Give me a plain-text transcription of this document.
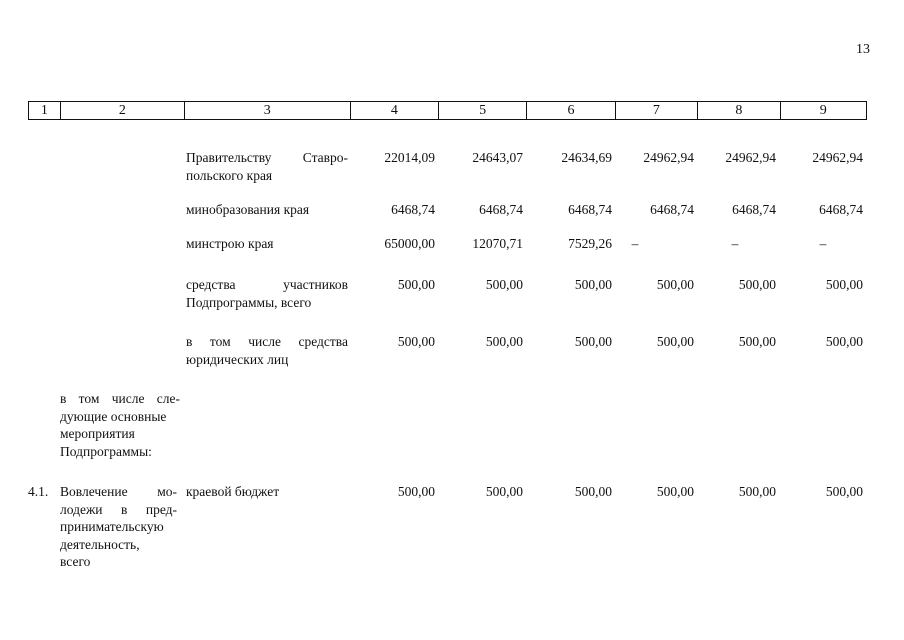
13
1	2	3	4	5	6	7	8	9
Правительству Ставро-
польского края
22014,09	24643,07	24634,69	24962,94	24962,94	24962,94
минобразования края	6468,74	6468,74	6468,74	6468,74	6468,74	6468,74
минстрою края	65000,00	12070,71	7529,26	–	–	–
средства участников
Подпрограммы, всего
500,00	500,00	500,00	500,00	500,00	500,00
в том числе средства
юридических лиц
500,00	500,00	500,00	500,00	500,00	500,00
в том числе сле-
дующие основные
мероприятия
Подпрограммы:
4.1. Вовлечение мо-
лодежи в пред-
принимательскую
деятельность,
всего
краевой бюджет	500,00	500,00	500,00	500,00	500,00	500,00
